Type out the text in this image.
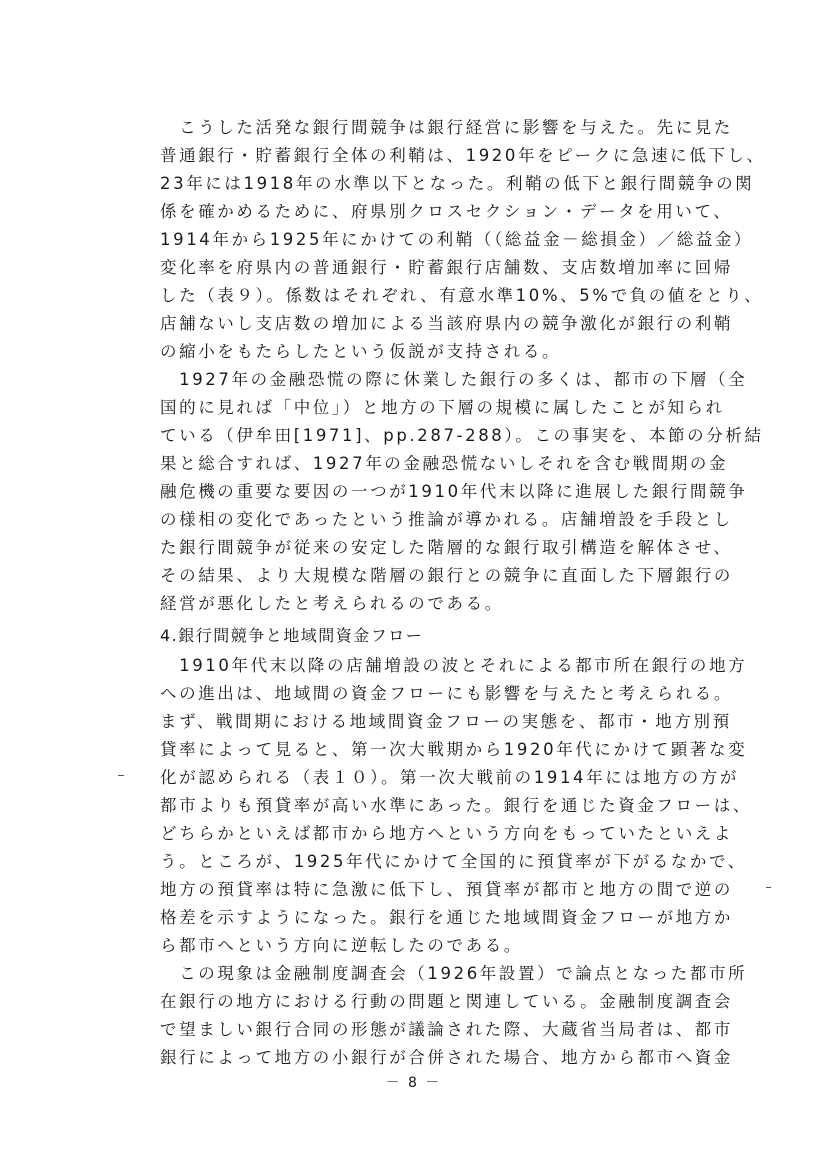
　こうした活発な銀行間競争は銀行経営に影響を与えた。先に見た
普通銀行・貯蓄銀行全体の利鞘は、1920年をピークに急速に低下し、
23年には1918年の水準以下となった。利鞘の低下と銀行間競争の関
係を確かめるために、府県別クロスセクション・データを用いて、
1914年から1925年にかけての利鞘（（総益金－総損金）／総益金）
変化率を府県内の普通銀行・貯蓄銀行店舗数、支店数増加率に回帰
した（表９）。係数はそれぞれ、有意水準10%、5%で負の値をとり、
店舗ないし支店数の増加による当該府県内の競争激化が銀行の利鞘
の縮小をもたらしたという仮説が支持される。
　1927年の金融恐慌の際に休業した銀行の多くは、都市の下層（全
国的に見れば「中位」）と地方の下層の規模に属したことが知られ
ている（伊牟田[1971]、pp.287-288）。この事実を、本節の分析結
果と総合すれば、1927年の金融恐慌ないしそれを含む戦間期の金
融危機の重要な要因の一つが1910年代末以降に進展した銀行間競争
の様相の変化であったという推論が導かれる。店舗増設を手段とし
た銀行間競争が従来の安定した階層的な銀行取引構造を解体させ、
その結果、より大規模な階層の銀行との競争に直面した下層銀行の
経営が悪化したと考えられるのである。
4.銀行間競争と地域間資金フロー
　1910年代末以降の店舗増設の波とそれによる都市所在銀行の地方
への進出は、地域間の資金フローにも影響を与えたと考えられる。
まず、戦間期における地域間資金フローの実態を、都市・地方別預
貸率によって見ると、第一次大戦期から1920年代にかけて顕著な変
化が認められる（表１０）。第一次大戦前の1914年には地方の方が
都市よりも預貸率が高い水準にあった。銀行を通じた資金フローは、
どちらかといえば都市から地方へという方向をもっていたといえよ
う。ところが、1925年代にかけて全国的に預貸率が下がるなかで、
地方の預貸率は特に急激に低下し、預貸率が都市と地方の間で逆の
格差を示すようになった。銀行を通じた地域間資金フローが地方か
ら都市へという方向に逆転したのである。
　この現象は金融制度調査会（1926年設置）で論点となった都市所
在銀行の地方における行動の問題と関連している。金融制度調査会
で望ましい銀行合同の形態が議論された際、大蔵省当局者は、都市
銀行によって地方の小銀行が合併された場合、地方から都市へ資金
－ 8 －
